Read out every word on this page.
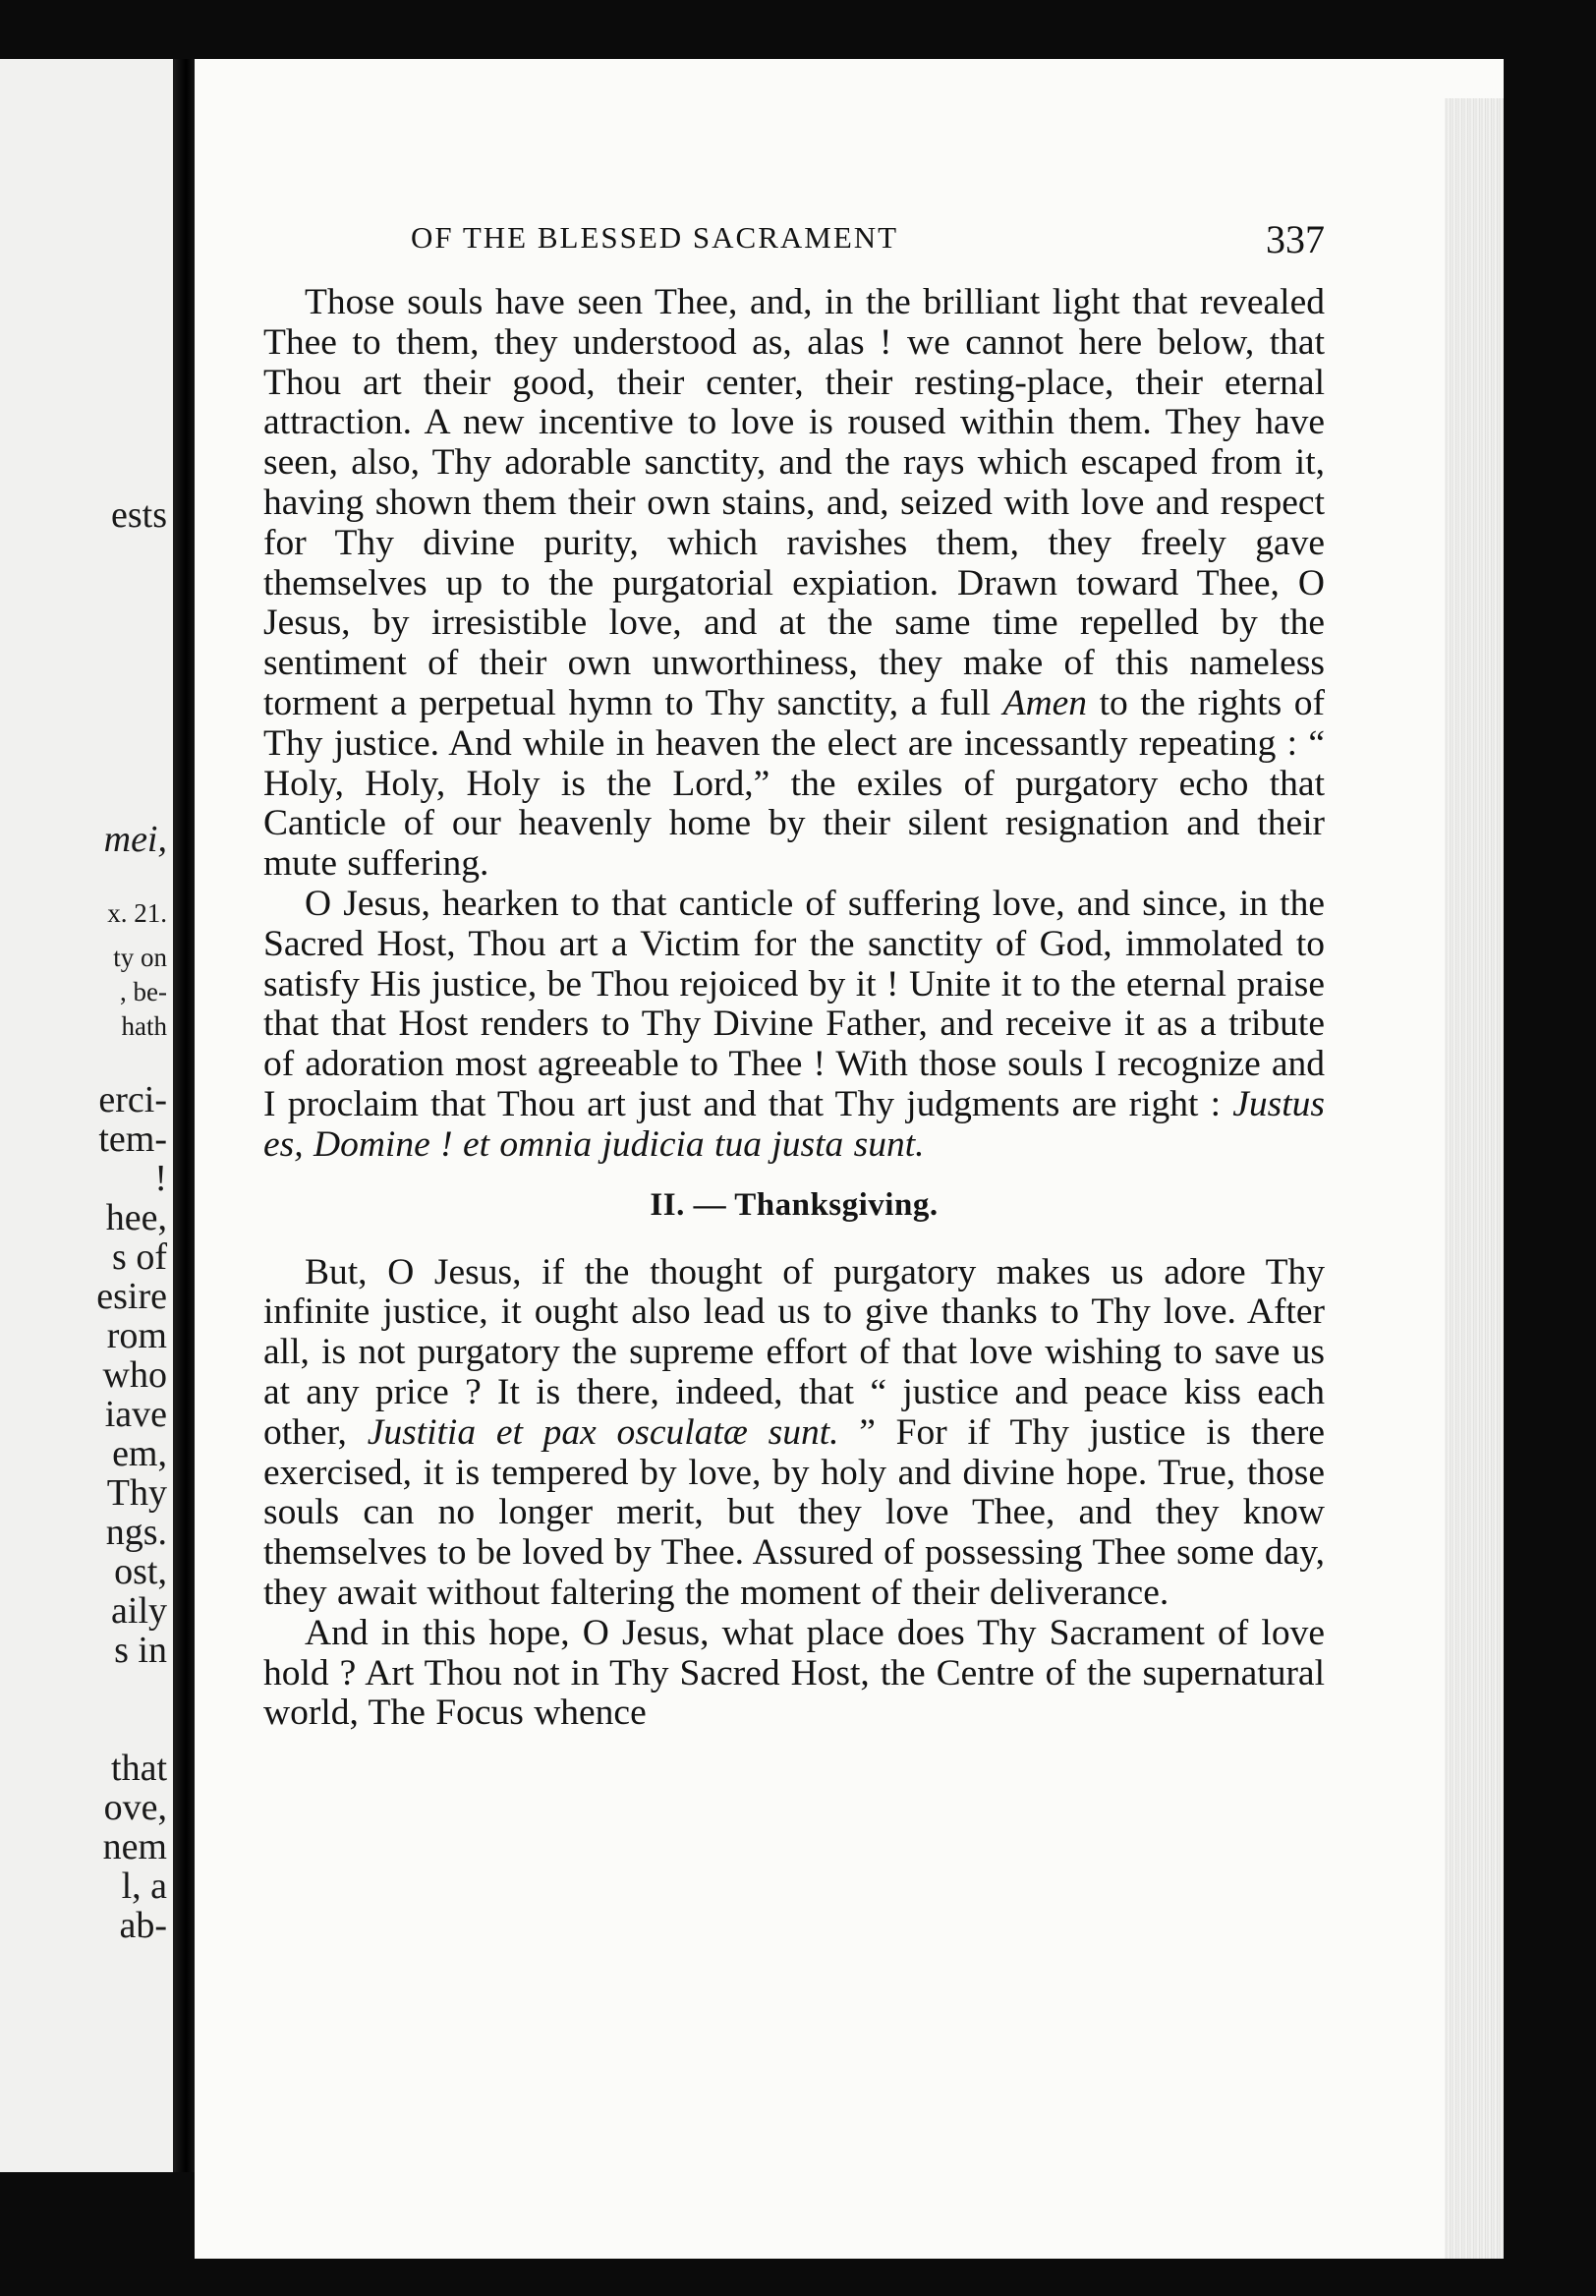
ests
mei,
x. 21.
ty on
, be-
hath
erci-
tem-
!
hee,
s of
esire
rom
who
iave
em,
Thy
ngs.
ost,
aily
s in
that
ove,
nem
l, a
ab-
OF THE BLESSED SACRAMENT	337

Those souls have seen Thee, and, in the brilliant light that revealed Thee to them, they understood as, alas ! we cannot here below, that Thou art their good, their center, their resting-place, their eternal attraction. A new incentive to love is roused within them. They have seen, also, Thy adorable sanctity, and the rays which escaped from it, having shown them their own stains, and, seized with love and respect for Thy divine purity, which ravishes them, they freely gave themselves up to the purgatorial expiation. Drawn toward Thee, O Jesus, by irresistible love, and at the same time repelled by the sentiment of their own unworthiness, they make of this nameless torment a perpetual hymn to Thy sanctity, a full Amen to the rights of Thy justice. And while in heaven the elect are incessantly repeating : “ Holy, Holy, Holy is the Lord,” the exiles of purgatory echo that Canticle of our heavenly home by their silent resignation and their mute suffering.

O Jesus, hearken to that canticle of suffering love, and since, in the Sacred Host, Thou art a Victim for the sanctity of God, immolated to satisfy His justice, be Thou rejoiced by it ! Unite it to the eternal praise that that Host renders to Thy Divine Father, and receive it as a tribute of adoration most agreeable to Thee ! With those souls I recognize and I proclaim that Thou art just and that Thy judgments are right : Justus es, Domine ! et omnia judicia tua justa sunt.

II. — Thanksgiving.

But, O Jesus, if the thought of purgatory makes us adore Thy infinite justice, it ought also lead us to give thanks to Thy love. After all, is not purgatory the supreme effort of that love wishing to save us at any price ? It is there, indeed, that “ justice and peace kiss each other, Justitia et pax osculatæ sunt. ” For if Thy justice is there exercised, it is tempered by love, by holy and divine hope. True, those souls can no longer merit, but they love Thee, and they know themselves to be loved by Thee. Assured of possessing Thee some day, they await without faltering the moment of their deliverance.

And in this hope, O Jesus, what place does Thy Sacrament of love hold ? Art Thou not in Thy Sacred Host, the Centre of the supernatural world, The Focus whence
